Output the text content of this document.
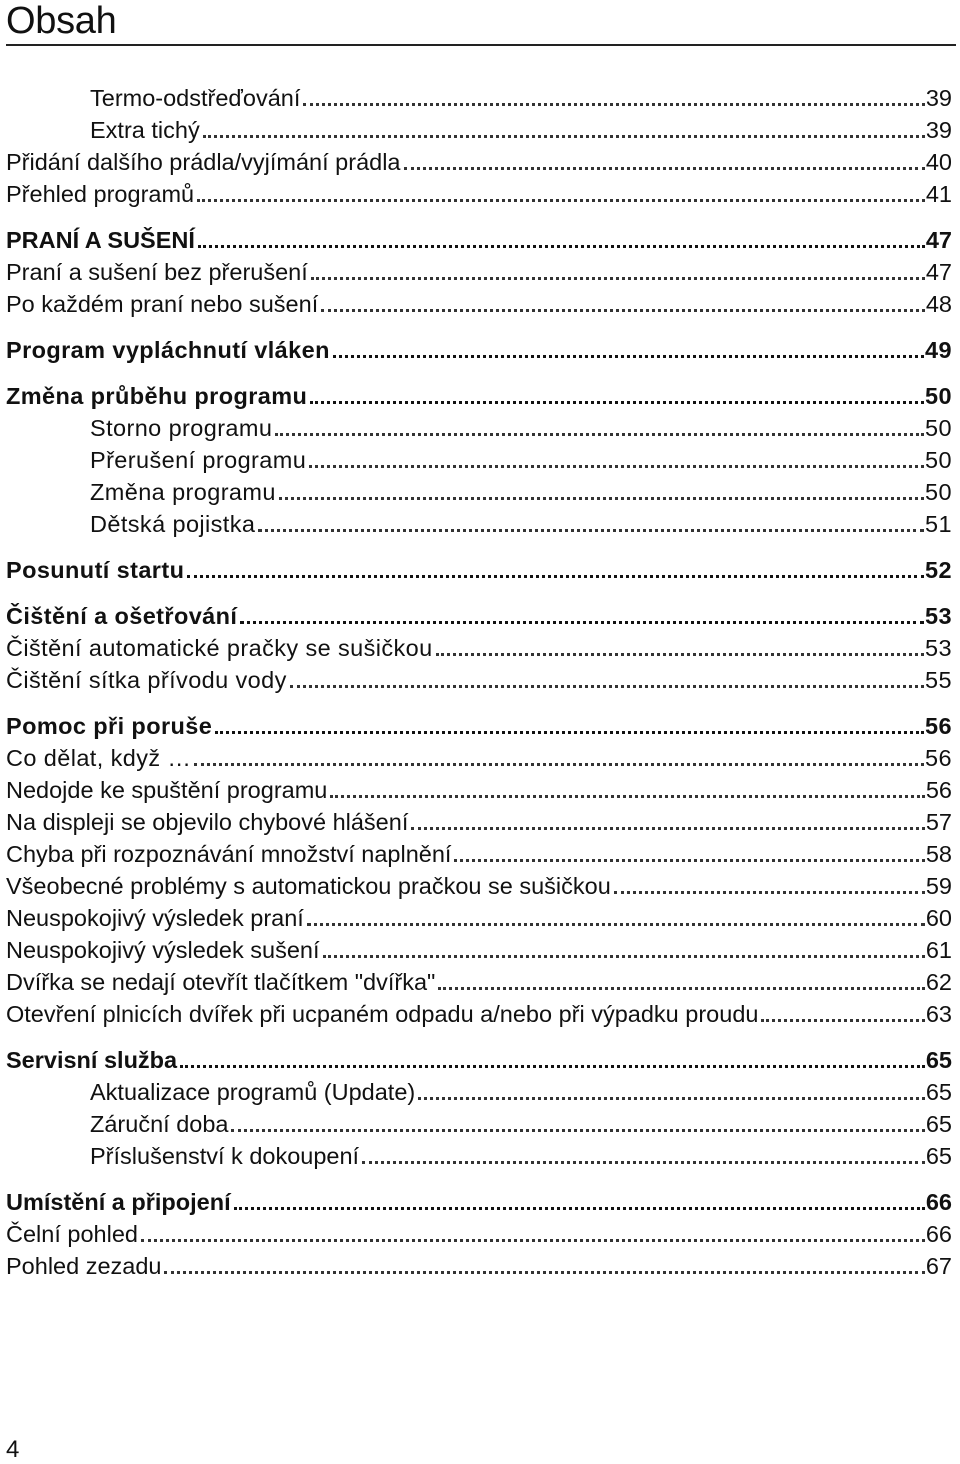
Obsah
Termo-odstřeďování	39
Extra tichý	39
Přidání dalšího prádla/vyjímání prádla	40
Přehled programů	41
PRANÍ A SUŠENÍ	47
Praní a sušení bez přerušení	47
Po každém praní nebo sušení	48
Program vypláchnutí vláken	49
Změna průběhu programu	50
Storno programu	50
Přerušení programu	50
Změna programu	50
Dětská pojistka	51
Posunutí startu	52
Čištění a ošetřování	53
Čištění automatické pračky se sušičkou	53
Čištění sítka přívodu vody	55
Pomoc při poruše	56
Co dělat, když …	56
Nedojde ke spuštění programu	56
Na displeji se objevilo chybové hlášení	57
Chyba při rozpoznávání množství naplnění	58
Všeobecné problémy s automatickou pračkou se sušičkou	59
Neuspokojivý výsledek praní	60
Neuspokojivý výsledek sušení	61
Dvířka se nedají otevřít tlačítkem "dvířka"	62
Otevření plnicích dvířek při ucpaném odpadu a/nebo při výpadku proudu	63
Servisní služba	65
Aktualizace programů (Update)	65
Záruční doba	65
Příslušenství k dokoupení	65
Umístění a připojení	66
Čelní pohled	66
Pohled zezadu	67
4
